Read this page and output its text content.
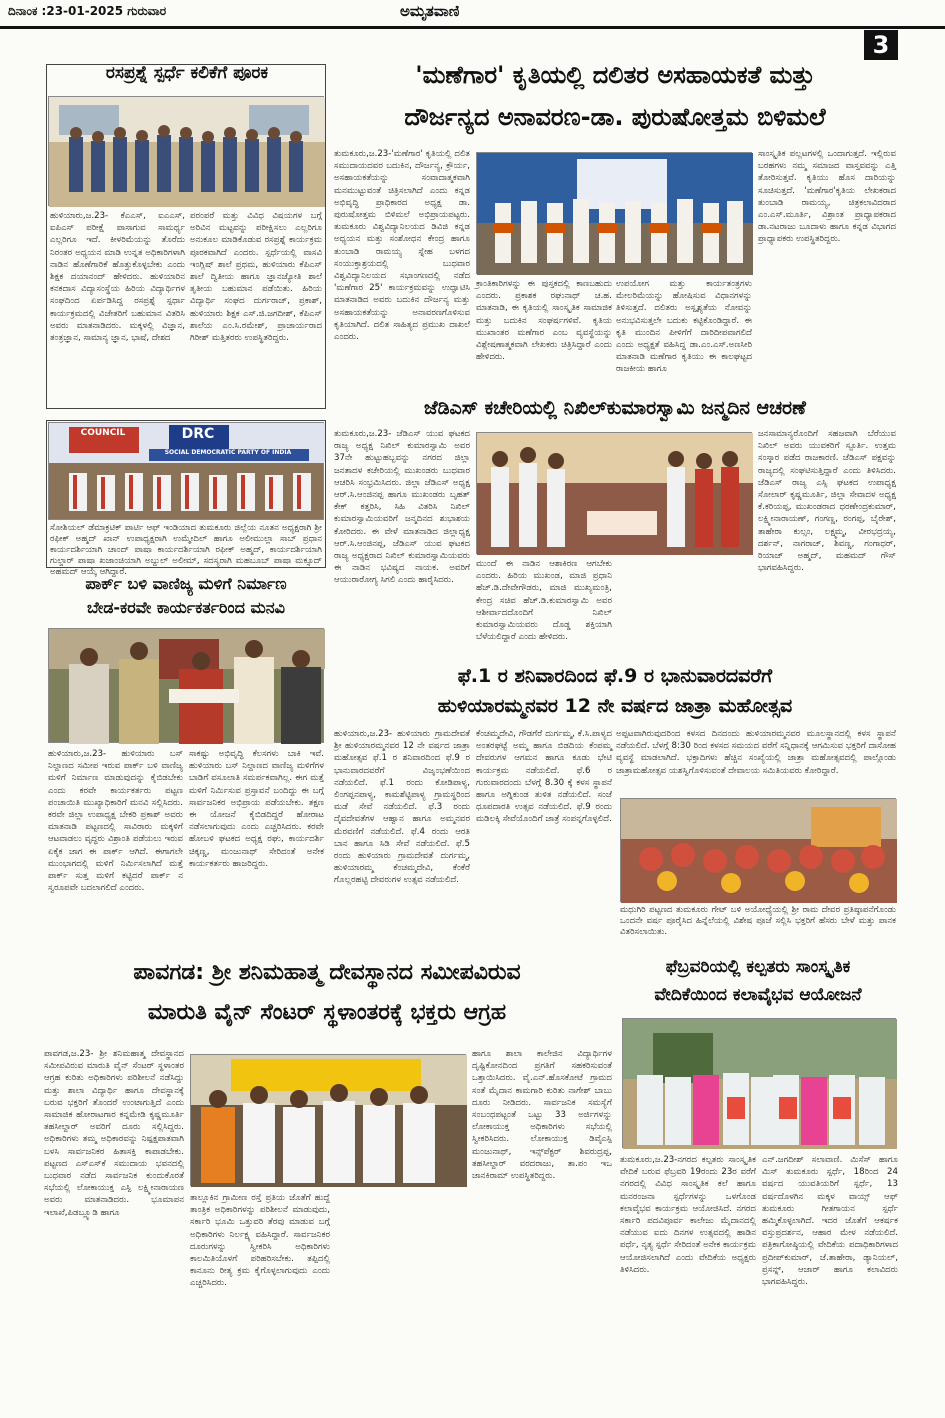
ದಿನಾಂಕ :23-01-2025 ಗುರುವಾರ	ಅಮೃತವಾಣಿ
3
ರಸಪ್ರಶ್ನೆ ಸ್ಪರ್ಧೆ ಕಲಿಕೆಗೆ ಪೂರಕ
ಹುಳಿಯಾರು,ಜ.23- ಕೆಎಎಸ್, ಐಎಎಸ್, ಐಪಿಎಸ್ ಪರೀಕ್ಷೆ ಪಾಸಾಗುವ ಸಾಮರ್ಥ್ಯ ಎಲ್ಲರಿಗೂ ಇದೆ. ಕೀಳರಿಮೆಯನ್ನು ತೊರೆದು ನಿರಂತರ ಅಧ್ಯಯನ ಮಾಡಿ ಉನ್ನತ ಅಧಿಕಾರಿಗಳಾಗಿ ನಾಡಿನ ಹೊಣೆಗಾರಿಕೆ ಹೊತ್ತುಕೊಳ್ಳಬೇಕು ಎಂದು ಶಿಕ್ಷಕ ದಯಾನಂದ್ ಹೇಳಿದರು. ಹುಳಿಯಾರಿನ ಕನಕದಾಸ ವಿದ್ಯಾಸಂಸ್ಥೆಯ ಹಿರಿಯ ವಿದ್ಯಾರ್ಥಿಗಳ ಸಂಘದಿಂದ ಏರ್ಪಡಿಸಿದ್ದ ರಸಪ್ರಶ್ನೆ ಸ್ಪರ್ಧಾ ಕಾರ್ಯಕ್ರಮದಲ್ಲಿ ವಿಜೇತರಿಗೆ ಬಹುಮಾನ ವಿತರಿಸಿ ಅವರು ಮಾತನಾಡಿದರು. ಮಕ್ಕಳಲ್ಲಿ ವಿಜ್ಞಾನ, ತಂತ್ರಜ್ಞಾನ, ಸಾಮಾನ್ಯ ಜ್ಞಾನ, ಭಾಷೆ, ದೇಶದ
ಪರಂಪರೆ ಮತ್ತು ವಿವಿಧ ವಿಷಯಗಳ ಬಗ್ಗೆ ಅರಿವಿನ ಮಟ್ಟವನ್ನು ಪರೀಕ್ಷಿಸಲು ಎಲ್ಲರಿಗೂ ಅನುಕೂಲ ಮಾಡಿಕೊಡುವ ರಸಪ್ರಶ್ನೆ ಕಾರ್ಯಕ್ರಮ ಪೂರಕವಾಗಿದೆ ಎಂದರು. ಸ್ಪರ್ಧೆಯಲ್ಲಿ ವಾಸವಿ ಇಂಗ್ಲಿಷ್ ಶಾಲೆ ಪ್ರಥಮ, ಹುಳಿಯಾರು ಕೆಪಿಎಸ್ ಶಾಲೆ ದ್ವಿತೀಯ ಹಾಗೂ ಜ್ಞಾನಜ್ಯೋತಿ ಶಾಲೆ ತೃತೀಯ ಬಹುಮಾನ ಪಡೆಯಿತು. ಹಿರಿಯ ವಿದ್ಯಾರ್ಥಿ ಸಂಘದ ದುರ್ಗರಾಜ್, ಪ್ರಕಾಶ್, ಹುಳಿಯಾರು ಶಿಕ್ಷಕ ಎಸ್.ಜಿ.ಜಗದೀಶ್, ಕೆಪಿಎಸ್ ಶಾಲೆಯ ಎಂ.ಸಿ.ರಮೇಶ್, ಪ್ರಾಚಾರ್ಯರಾದ ಗಿರೀಶ್ ಮತ್ತಿತರರು ಉಪಸ್ಥಿತರಿದ್ದರು.
COUNCIL	DRC
SOCIAL DEMOCRATIC PARTY OF INDIA
ಸೋಶಿಯಲ್ ಡೆಮಾಕ್ರಟಿಕ್ ಪಾರ್ಟಿ ಆಫ್ ಇಂಡಿಯಾದ ತುಮಕೂರು ಜಿಲ್ಲೆಯ ನೂತನ ಅಧ್ಯಕ್ಷರಾಗಿ ಶ್ರೀ ರಫೀಕ್ ಅಹ್ಮದ್ ಖಾನ್ ಉಪಾಧ್ಯಕ್ಷರಾಗಿ ಉಮ್ಮೇದಿಲ್ ಹಾಗೂ ಅಲೀಮುಲ್ಲಾ ಸಾಬ್ ಪ್ರಧಾನ ಕಾರ್ಯದರ್ಶಿಯಾಗಿ ಚಾಂದ್ ಪಾಷಾ ಕಾರ್ಯದರ್ಶಿಯಾಗಿ ರಫೀಕ್ ಅಹ್ಮದ್, ಕಾರ್ಯದರ್ಶಿಯಾಗಿ ಗುಲ್ಜಾರ್ ಪಾಷಾ ಖಜಾಂಚಿಯಾಗಿ ಅಬ್ದುಲ್ ಅಲೀಮ್, ಸದಸ್ಯರಾಗಿ ಮಹಬೂಬ್ ಪಾಷಾ ಮಕ್ಸೂದ್ ಅಹಮದ್ ಆಯ್ಕೆ ಆಗಿದ್ದಾರೆ.
ಪಾರ್ಕ್ ಬಳಿ ವಾಣಿಜ್ಯ ಮಳಿಗೆ ನಿರ್ಮಾಣ
ಬೇಡ-ಕರವೇ ಕಾರ್ಯಕರ್ತರಿಂದ ಮನವಿ
ಹುಳಿಯಾರು,ಜ.23- ಹುಳಿಯಾರು ಬಸ್ ನಿಲ್ದಾಣದ ಸಮೀಪ ಇರುವ ಪಾರ್ಕ್ ಬಳಿ ವಾಣಿಜ್ಯ ಮಳಿಗೆ ನಿರ್ಮಾಣ ಮಾಡುವುದನ್ನು ಕೈಬಿಡಬೇಕು ಎಂದು ಕರವೇ ಕಾರ್ಯಕರ್ತರು ಪಟ್ಟಣ ಪಂಚಾಯಿತಿ ಮುಖ್ಯಾಧಿಕಾರಿಗೆ ಮನವಿ ಸಲ್ಲಿಸಿದರು. ಕರವೇ ಜಿಲ್ಲಾ ಉಪಾಧ್ಯಕ್ಷ ಬೇಕರಿ ಪ್ರಕಾಶ್ ಅವರು ಮಾತನಾಡಿ ಪಟ್ಟಣದಲ್ಲಿ ಸಾವಿರಾರು ಮಕ್ಕಳಿಗೆ ಆಟವಾಡಲು ವೃದ್ಧರು ವಿಶ್ರಾಂತಿ ಪಡೆಯಲು ಇರುವ ಏಕೈಕ ಜಾಗ ಈ ಪಾರ್ಕ್ ಆಗಿದೆ. ಈಗಾಗಲೇ ಮುಂಭಾಗದಲ್ಲಿ ಮಳಿಗೆ ನಿರ್ಮಿಸಲಾಗಿದೆ ಮತ್ತೆ ಪಾರ್ಕ್ ಸುತ್ತ ಮಳಿಗೆ ಕಟ್ಟಿದರೆ ಪಾರ್ಕ್ ನ ಸ್ವರೂಪವೇ ಬದಲಾಗಲಿದೆ ಎಂದರು.
ಸಾಕಷ್ಟು ಅಭಿವೃದ್ಧಿ ಕೆಲಸಗಳು ಬಾಕಿ ಇವೆ. ಹುಳಿಯಾರು ಬಸ್ ನಿಲ್ದಾಣದ ವಾಣಿಜ್ಯ ಮಳಿಗೆಗಳ ಬಾಡಿಗೆ ವಸೂಲಾತಿ ಸಮರ್ಪಕವಾಗಿಲ್ಲ. ಈಗ ಮತ್ತೆ ಮಳಿಗೆ ನಿರ್ಮಿಸುವ ಪ್ರಸ್ತಾವನೆ ಬಂದಿದ್ದು ಈ ಬಗ್ಗೆ ಸಾರ್ವಜನಿಕರ ಅಭಿಪ್ರಾಯ ಪಡೆಯಬೇಕು. ತಕ್ಷಣ ಈ ಯೋಜನೆ ಕೈಬಿಡದಿದ್ದರೆ ಹೋರಾಟ ನಡೆಸಲಾಗುವುದು ಎಂದು ಎಚ್ಚರಿಸಿದರು. ಕರವೇ ಹೋಬಳಿ ಘಟಕದ ಅಧ್ಯಕ್ಷ ರಘು, ಕಾರ್ಯದರ್ಶಿ ಚಿಕ್ಕಣ್ಣ, ಮಂಜುನಾಥ್ ಸೇರಿದಂತೆ ಅನೇಕ ಕಾರ್ಯಕರ್ತರು ಹಾಜರಿದ್ದರು.
'ಮಣೆಗಾರ' ಕೃತಿಯಲ್ಲಿ ದಲಿತರ ಅಸಹಾಯಕತೆ ಮತ್ತು
ದೌರ್ಜನ್ಯದ ಅನಾವರಣ-ಡಾ. ಪುರುಷೋತ್ತಮ ಬಿಳಿಮಲೆ
ತುಮಕೂರು,ಜ.23-'ಮಣೆಗಾರ' ಕೃತಿಯಲ್ಲಿ ದಲಿತ ಸಮುದಾಯದವರ ಬದುಕಿನ, ದೌರ್ಜನ್ಯ, ಕ್ರೌರ್ಯ, ಅಸಹಾಯಕತೆಯನ್ನು ಸಂವಾದಾತ್ಮಕವಾಗಿ ಮನಮುಟ್ಟುವಂತೆ ಚಿತ್ರಿಸಲಾಗಿದೆ ಎಂದು ಕನ್ನಡ ಅಭಿವೃದ್ಧಿ ಪ್ರಾಧಿಕಾರದ ಅಧ್ಯಕ್ಷ ಡಾ. ಪುರುಷೋತ್ತಮ ಬಿಳಿಮಲೆ ಅಭಿಪ್ರಾಯಪಟ್ಟರು. ತುಮಕೂರು ವಿಶ್ವವಿದ್ಯಾನಿಲಯದ ಡಿವಿಜಿ ಕನ್ನಡ ಅಧ್ಯಯನ ಮತ್ತು ಸಂಶೋಧನ ಕೇಂದ್ರ ಹಾಗೂ ತುಂಬಾಡಿ ರಾಮಯ್ಯ ಸ್ನೇಹ ಬಳಗದ ಸಂಯುಕ್ತಾಶ್ರಯದಲ್ಲಿ ಬುಧವಾರ ವಿಶ್ವವಿದ್ಯಾನಿಲಯದ ಸಭಾಂಗಣದಲ್ಲಿ ನಡೆದ 'ಮಣೆಗಾರ 25' ಕಾರ್ಯಕ್ರಮವನ್ನು ಉದ್ಘಾಟಿಸಿ ಮಾತನಾಡಿದ ಅವರು ಬದುಕಿನ ದೌರ್ಜನ್ಯ ಮತ್ತು ಅಸಹಾಯಕತೆಯನ್ನು ಅನಾವರಣಗೊಳಿಸುವ ಕೃತಿಯಾಗಿದೆ. ದಲಿತ ಸಾಹಿತ್ಯದ ಪ್ರಮುಖ ದಾಖಲೆ ಎಂದರು.
ಕ್ರಾಂತಿಕಾರಿಗಳನ್ನು ಈ ಪುಸ್ತಕದಲ್ಲಿ ಕಾಣಬಹುದು ಎಂದರು. ಪ್ರಕಾಶಕ ರಘುನಾಥ್ ಚ.ಹ. ಮಾತನಾಡಿ, ಈ ಕೃತಿಯಲ್ಲಿ ಸಾಂಸ್ಕೃತಿಕ ಸಾಮಾಜಿಕ ಮತ್ತು ಬದುಕಿನ ಸಂಘರ್ಷಗಳಿವೆ. ಕೃತಿಯ ಮುಖಾಂತರ ಮಣೆಗಾರ ಎಂಬ ವ್ಯವಸ್ಥೆಯನ್ನು ವಿಶ್ಲೇಷಣಾತ್ಮಕವಾಗಿ ಲೇಖಕರು ಚಿತ್ರಿಸಿದ್ದಾರೆ ಎಂದು ಹೇಳಿದರು.
ಉಪಯೋಗ ಮತ್ತು ಕಾರ್ಯತಂತ್ರಗಳು ಮೇಲರಿಮೆಯನ್ನು ಹೋಷಿಸುವ ವಿಧಾನಗಳನ್ನು ತಿಳಿಸುತ್ತದೆ. ದಲಿತರು ಅಸ್ಪೃಶ್ಯತೆಯ ನೋವನ್ನು ಅನುಭವಿಸುತ್ತಲೇ ಬದುಕು ಕಟ್ಟಿಕೊಂಡಿದ್ದಾರೆ. ಈ ಕೃತಿ ಮುಂದಿನ ಪೀಳಿಗೆಗೆ ದಾರಿದೀಪವಾಗಲಿದೆ ಎಂದು ಅಧ್ಯಕ್ಷತೆ ವಹಿಸಿದ್ದ ಡಾ.ಎಂ.ಎಸ್.ಅಣಸೀರಿ ಮಾತನಾಡಿ ಮಣೆಗಾರ ಕೃತಿಯು ಈ ಕಾಲಘಟ್ಟದ ರಾಜಕೀಯ ಹಾಗೂ
ಸಾಂಸ್ಕೃತಿಕ ಪಲ್ಲಟಗಳಲ್ಲಿ ಒಂದಾಗುತ್ತದೆ. ಇಲ್ಲಿರುವ ಬರಹಗಳು ನಮ್ಮ ಸಮಾಜದ ವಾಸ್ತವವನ್ನು ಎತ್ತಿ ತೋರಿಸುತ್ತವೆ. ಕೃತಿಯು ಹೊಸ ದಾರಿಯನ್ನು ಸೂಚಿಸುತ್ತದೆ. 'ಮಣೆಗಾರ'ಕೃತಿಯ ಲೇಖಕರಾದ ತುಂಬಾಡಿ ರಾಮಯ್ಯ, ಚಿತ್ರಕಲಾವಿದರಾದ ಎಂ.ಎಸ್.ಮೂರ್ತಿ, ವಿಶ್ರಾಂತ ಪ್ರಾಧ್ಯಾಪಕರಾದ ಡಾ.ನಟರಾಜು ಬೂದಾಳು ಹಾಗೂ ಕನ್ನಡ ವಿಭಾಗದ ಪ್ರಾಧ್ಯಾಪಕರು ಉಪಸ್ಥಿತರಿದ್ದರು.
ಜೆಡಿಎಸ್ ಕಚೇರಿಯಲ್ಲಿ ನಿಖಿಲ್‌ಕುಮಾರಸ್ವಾಮಿ ಜನ್ಮದಿನ ಆಚರಣೆ
ತುಮಕೂರು,ಜ.23- ಜೆಡಿಎಸ್ ಯುವ ಘಟಕದ ರಾಜ್ಯ ಅಧ್ಯಕ್ಷ ನಿಖಿಲ್ ಕುಮಾರಸ್ವಾಮಿ ಅವರ 37ನೇ ಹುಟ್ಟುಹಬ್ಬವನ್ನು ನಗರದ ಜಿಲ್ಲಾ ಜನತಾದಳ ಕಚೇರಿಯಲ್ಲಿ ಮುಖಂಡರು ಬುಧವಾರ ಆಚರಿಸಿ ಸಂಭ್ರಮಿಸಿದರು. ಜಿಲ್ಲಾ ಜೆಡಿಎಸ್ ಅಧ್ಯಕ್ಷ ಆರ್.ಸಿ.ಆಂಜಿನಪ್ಪ ಹಾಗೂ ಮುಖಂಡರು ಬೃಹತ್ ಕೇಕ್ ಕತ್ತರಿಸಿ, ಸಿಹಿ ವಿತರಿಸಿ ನಿಖಿಲ್ ಕುಮಾರಸ್ವಾಮಿಯವರಿಗೆ ಜನ್ಮದಿನದ ಶುಭಾಶಯ ಕೋರಿದರು. ಈ ವೇಳೆ ಮಾತನಾಡಿದ ಜಿಲ್ಲಾಧ್ಯಕ್ಷ ಆರ್.ಸಿ.ಆಂಜಿನಪ್ಪ, ಜೆಡಿಎಸ್ ಯುವ ಘಟಕದ ರಾಜ್ಯ ಅಧ್ಯಕ್ಷರಾದ ನಿಖಿಲ್ ಕುಮಾರಸ್ವಾಮಿಯವರು ಈ ನಾಡಿನ ಭವಿಷ್ಯದ ನಾಯಕ. ಅವರಿಗೆ ಆಯುರಾರೋಗ್ಯ ಸಿಗಲಿ ಎಂದು ಹಾರೈಸಿದರು.
ಮುಂದೆ ಈ ನಾಡಿನ ಆಶಾಕಿರಣ ಆಗಬೇಕು ಎಂದರು. ಹಿರಿಯ ಮುಖಂಡ, ಮಾಜಿ ಪ್ರಧಾನಿ ಹೆಚ್.ಡಿ.ದೇವೇಗೌಡರು, ಮಾಜಿ ಮುಖ್ಯಮಂತ್ರಿ, ಕೇಂದ್ರ ಸಚಿವ ಹೆಚ್.ಡಿ.ಕುಮಾರಸ್ವಾಮಿ ಅವರ ಆಶೀರ್ವಾದದೊಂದಿಗೆ ನಿಖಿಲ್ ಕುಮಾರಸ್ವಾಮಿಯವರು ದೊಡ್ಡ ಶಕ್ತಿಯಾಗಿ ಬೆಳೆಯಲಿದ್ದಾರೆ ಎಂದು ಹೇಳಿದರು.
ಜನಸಾಮಾನ್ಯರೊಂದಿಗೆ ಸಹಜವಾಗಿ ಬೆರೆಯುವ ನಿಖಿಲ್ ಅವರು ಯುವಕರಿಗೆ ಸ್ಪೂರ್ತಿ. ಉತ್ತಮ ಸಂಸ್ಕಾರ ಪಡೆದ ರಾಜಕಾರಣಿ. ಜೆಡಿಎಸ್ ಪಕ್ಷವನ್ನು ರಾಜ್ಯದಲ್ಲಿ ಸಂಘಟಿಸುತ್ತಿದ್ದಾರೆ ಎಂದು ತಿಳಿಸಿದರು. ಜೆಡಿಎಸ್ ರಾಜ್ಯ ಎಸ್ಸಿ ಘಟಕದ ಉಪಾಧ್ಯಕ್ಷ ಸೋಲಾರ್ ಕೃಷ್ಣಮೂರ್ತಿ, ಜಿಲ್ಲಾ ಸೇವಾದಳ ಅಧ್ಯಕ್ಷ ಕೆ.ಕರಿಯಪ್ಪ, ಮುಖಂಡರಾದ ಧರಣೇಂದ್ರಕುಮಾರ್, ಲಕ್ಷ್ಮೀನಾರಾಯಣ್, ಗಂಗಣ್ಣ, ರಂಗಪ್ಪ, ಬೈರೇಶ್, ತಾಹೇರಾ ಕುಲ್ಸಂ, ಲಕ್ಷ್ಮಮ್ಮ, ವೀರಭದ್ರಯ್ಯ, ದರ್ಶನ್, ನಾಗರಾಜ್, ಶಿವಣ್ಣ, ಗಂಗಾಧರ್, ರಿಯಾಜ್ ಅಹ್ಮದ್, ಮಹಮದ್ ಗೌಸ್ ಭಾಗವಹಿಸಿದ್ದರು.
ಫೆ.1 ರ ಶನಿವಾರದಿಂದ ಫೆ.9 ರ ಭಾನುವಾರದವರೆಗೆ
ಹುಳಿಯಾರಮ್ಮನವರ 12 ನೇ ವರ್ಷದ ಜಾತ್ರಾ ಮಹೋತ್ಸವ
ಹುಳಿಯಾರು,ಜ.23- ಹುಳಿಯಾರು ಗ್ರಾಮದೇವತೆ ಶ್ರೀ ಹುಳಿಯಾರಮ್ಮನವರ 12 ನೇ ವರ್ಷದ ಜಾತ್ರಾ ಮಹೋತ್ಸವ ಫೆ.1 ರ ಶನಿವಾರದಿಂದ ಫೆ.9 ರ ಭಾನುವಾರದವರೆಗೆ ವಿಜೃಂಭಣೆಯಿಂದ ನಡೆಯಲಿದೆ. ಫೆ.1 ರಂದು ಕೋಡಿಪಾಳ್ಯ, ಲಿಂಗಪ್ಪನಪಾಳ್ಯ, ಕಾಮಶೆಟ್ಟಿಪಾಳ್ಯ ಗ್ರಾಮಸ್ಥರಿಂದ ಮಡೆ ಸೇವೆ ನಡೆಯಲಿದೆ. ಫೆ.3 ರಂದು ದೈವದೇವತೆಗಳ ಆಹ್ವಾನ ಹಾಗೂ ಅಮ್ಮನವರ ಮೆರವಣಿಗೆ ನಡೆಯಲಿದೆ. ಫೆ.4 ರಂದು ಆರತಿ ಬಾನ ಹಾಗೂ ಸಿಡಿ ಸೇವೆ ನಡೆಯಲಿದೆ. ಫೆ.5 ರಂದು ಹುಳಿಯಾರು ಗ್ರಾಮದೇವತೆ ದುರ್ಗಮ್ಮ, ಹುಳಿಯಾರಮ್ಮ ಕೆಂಚಮ್ಮದೇವಿ, ಕೆಂಕೆರೆ ಗೊಲ್ಲರಹಟ್ಟಿ ದೇವರುಗಳ ಉತ್ಸವ ನಡೆಯಲಿದೆ.
ಕೆಂಚಮ್ಮದೇವಿ, ಗೌಡಗೆರೆ ದುರ್ಗಮ್ಮ, ಕೆ.ಸಿ.ಪಾಳ್ಯದ ಅಂತರಘಟ್ಟೆ ಅಮ್ಮ ಹಾಗೂ ಬಿಡದಿಯ ಕೆಂಪಮ್ಮ ದೇವರುಗಳ ಆಗಮನ ಹಾಗೂ ಕೂಡು ಭೇಟಿ ಕಾರ್ಯಕ್ರಮ ನಡೆಯಲಿದೆ. ಫೆ.6 ರ ಗುರುವಾರದಂದು ಬೆಳಗ್ಗೆ 8.30 ಕ್ಕೆ ಕಳಸ ಸ್ಥಾಪನೆ ಹಾಗೂ ಅಗ್ನಿಕುಂಡ ತುಳಿತ ನಡೆಯಲಿದೆ. ಸಂಜೆ ಧೂಪದಾರತಿ ಉತ್ಸವ ನಡೆಯಲಿದೆ. ಫೆ.9 ರಂದು ಮಡಿಲಕ್ಕಿ ಸೇವೆಯೊಂದಿಗೆ ಜಾತ್ರೆ ಸಂಪನ್ನಗೊಳ್ಳಲಿದೆ.
ಅಪ್ಪಟವಾಗಿರುವುದರಿಂದ ಕಳಸದ ದಿನದಂದು ಹುಳಿಯಾರಮ್ಮನವರ ಮೂಲಸ್ಥಾನದಲ್ಲಿ ಕಳಸ ಸ್ಥಾಪನೆ ನಡೆಯಲಿದೆ. ಬೆಳಗ್ಗೆ 8:30 ರಿಂದ ಕಳಸದ ಸಮಯದ ವರೆಗೆ ಸನ್ನಿಧಾನಕ್ಕೆ ಆಗಮಿಸುವ ಭಕ್ತರಿಗೆ ದಾಸೋಹ ವ್ಯವಸ್ಥೆ ಮಾಡಲಾಗಿದೆ. ಭಕ್ತಾದಿಗಳು ಹೆಚ್ಚಿನ ಸಂಖ್ಯೆಯಲ್ಲಿ ಜಾತ್ರಾ ಮಹೋತ್ಸವದಲ್ಲಿ ಪಾಲ್ಗೊಂಡು ಜಾತ್ರಾಮಹೋತ್ಸವ ಯಶಸ್ವಿಗೊಳಿಸುವಂತೆ ದೇವಾಲಯ ಸಮಿತಿಯವರು ಕೋರಿದ್ದಾರೆ.
ಮಧುಗಿರಿ ಪಟ್ಟಣದ ತುಮಕೂರು ಗೇಟ್ ಬಳಿ ಅಯೋಧ್ಯೆಯಲ್ಲಿ ಶ್ರೀ ರಾಮ ದೇವರ ಪ್ರತಿಷ್ಠಾಪನೆಗೊಂಡು ಒಂದನೇ ವರ್ಷ ಪೂರೈಸಿದ ಹಿನ್ನೆಲೆಯಲ್ಲಿ ವಿಶೇಷ ಪೂಜೆ ಸಲ್ಲಿಸಿ ಭಕ್ತರಿಗೆ ಹೆಸರು ಬೇಳೆ ಮತ್ತು ಪಾನಕ ವಿತರಿಸಲಾಯಿತು.
ಪಾವಗಡ: ಶ್ರೀ ಶನಿಮಹಾತ್ಮ ದೇವಸ್ಥಾನದ ಸಮೀಪವಿರುವ
ಮಾರುತಿ ವೈನ್ ಸೆಂಟರ್ ಸ್ಥಳಾಂತರಕ್ಕೆ ಭಕ್ತರು ಆಗ್ರಹ
ಪಾವಗಡ,ಜ.23- ಶ್ರೀ ಶನಿಮಹಾತ್ಮ ದೇವಸ್ಥಾನದ ಸಮೀಪವಿರುವ ಮಾರುತಿ ವೈನ್ ಸೆಂಟರ್ ಸ್ಥಳಾಂತರ ಆಗ್ರಹ ಕುರಿತು ಅಧಿಕಾರಿಗಳು ಪರಿಶೀಲನೆ ನಡೆಸಿದ್ದು ಮತ್ತು ಶಾಲಾ ವಿದ್ಯಾರ್ಥಿ ಹಾಗೂ ದೇವಸ್ಥಾನಕ್ಕೆ ಬರುವ ಭಕ್ತರಿಗೆ ತೊಂದರೆ ಉಂಟಾಗುತ್ತಿದೆ ಎಂದು ಸಾಮಾಜಿಕ ಹೋರಾಟಗಾರ ಕನ್ನಮೇಡಿ ಕೃಷ್ಣಮೂರ್ತಿ ತಹಸೀಲ್ದಾರ್ ಅವರಿಗೆ ದೂರು ಸಲ್ಲಿಸಿದ್ದರು. ಅಧಿಕಾರಿಗಳು ತಮ್ಮ ಅಧಿಕಾರವನ್ನು ನಿಷ್ಪಕ್ಷಪಾತವಾಗಿ ಬಳಸಿ ಸಾರ್ವಜನಿಕರ ಹಿತಾಸಕ್ತಿ ಕಾಪಾಡಬೇಕು. ಪಟ್ಟಣದ ಎಸ್‌ಎಸ್‌ಕೆ ಸಮುದಾಯ ಭವನದಲ್ಲಿ ಬುಧವಾರ ನಡೆದ ಸಾರ್ವಜನಿಕ ಕುಂದುಕೊರತೆ ಸಭೆಯಲ್ಲಿ ಲೋಕಾಯುಕ್ತ ಎಸ್ಪಿ ಲಕ್ಷ್ಮೀನಾರಾಯಣ ಅವರು ಮಾತನಾಡಿದರು. ಭೂಮಾಪನ ಇಲಾಖೆ,ಪಿಡಬ್ಲ್ಯೂಡಿ ಹಾಗೂ
ತಾಲ್ಲೂಕಿನ ಗ್ರಾಮೀಣ ರಸ್ತೆ ಪ್ರತಿಯ ಜೊತೆಗೆ ಹುದ್ದೆ ತಾಂತ್ರಿಕ ಅಧಿಕಾರಿಗಳನ್ನು ಪರಿಶೀಲನೆ ಮಾಡುವುದು, ಸರ್ಕಾರಿ ಭೂಮಿ ಒತ್ತುವರಿ ತೆರವು ಮಾಡುವ ಬಗ್ಗೆ ಅಧಿಕಾರಿಗಳು ನಿರ್ಲಕ್ಷ್ಯ ವಹಿಸಿದ್ದಾರೆ. ಸಾರ್ವಜನಿಕರ ದೂರುಗಳನ್ನು ಸ್ವೀಕರಿಸಿ ಅಧಿಕಾರಿಗಳು ಕಾಲಮಿತಿಯೊಳಗೆ ಪರಿಹರಿಸಬೇಕು. ತಪ್ಪಿದಲ್ಲಿ ಕಾನೂನು ರೀತ್ಯ ಕ್ರಮ ಕೈಗೊಳ್ಳಲಾಗುವುದು ಎಂದು ಎಚ್ಚರಿಸಿದರು.
ಹಾಗೂ ಶಾಲಾ ಕಾಲೇಜಿನ ವಿದ್ಯಾರ್ಥಿಗಳ ದೃಷ್ಟಿಕೋನದಿಂದ ಪ್ರಗತಿಗೆ ಸಹಕರಿಸುವಂತೆ ಒತ್ತಾಯಿಸಿದರು. ವೈ.ಎನ್.ಹೊಸಕೋಟೆ ಗ್ರಾಮದ ಸಂತೆ ಮೈದಾನ ಕಾಮಗಾರಿ ಕುರಿತು ನಾಗೇಶ್ ಬಾಬು ದೂರು ನೀಡಿದರು. ಸಾರ್ವಜನಿಕ ಸಮಸ್ಯೆಗೆ ಸಂಬಂಧಪಟ್ಟಂತೆ ಒಟ್ಟು 33 ಅರ್ಜಿಗಳನ್ನು ಲೋಕಾಯುಕ್ತ ಅಧಿಕಾರಿಗಳು ಸಭೆಯಲ್ಲಿ ಸ್ವೀಕರಿಸಿದರು. ಲೋಕಾಯುಕ್ತ ಡಿವೈಎಸ್ಪಿ ಮಂಜುನಾಥ್, ಇನ್ಸ್‌ಪೆಕ್ಟರ್ ಶಿವರುದ್ರಪ್ಪ, ತಹಸೀಲ್ದಾರ್ ವರದರಾಜು, ತಾ.ಪಂ ಇಒ ಜಾನಕಿರಾಮ್ ಉಪಸ್ಥಿತರಿದ್ದರು.
ಫೆಬ್ರವರಿಯಲ್ಲಿ ಕಲ್ಪತರು ಸಾಂಸ್ಕೃತಿಕ
ವೇದಿಕೆಯಿಂದ ಕಲಾವೈಭವ ಆಯೋಜನೆ
ತುಮಕೂರು,ಜ.23-ನಗರದ ಕಲ್ಪತರು ಸಾಂಸ್ಕೃತಿಕ ವೇದಿಕೆ ಬರುವ ಫೆಬ್ರವರಿ 19ರಂದು 23ರ ವರೆಗೆ ನಗರದಲ್ಲಿ ವಿವಿಧ ಸಾಂಸ್ಕೃತಿಕ ಕಲೆ ಹಾಗೂ ಮನರಂಜನಾ ಸ್ಪರ್ಧೆಗಳನ್ನು ಒಳಗೊಂಡ ಕಲಾವೈಭವ ಕಾರ್ಯಕ್ರಮ ಆಯೋಜಿಸಿದೆ. ನಗರದ ಸರ್ಕಾರಿ ಪದವಿಪೂರ್ವ ಕಾಲೇಜು ಮೈದಾನದಲ್ಲಿ ನಡೆಯುವ ಐದು ದಿನಗಳ ಉತ್ಸವದಲ್ಲಿ ಹಾಡಿನ ಪರ್ಧೆ, ನೃತ್ಯ ಸ್ಪರ್ಧೆ ಸೇರಿದಂತೆ ಅನೇಕ ಕಾರ್ಯಕ್ರಮ ಆಯೋಜಿಸಲಾಗಿದೆ ಎಂದು ವೇದಿಕೆಯ ಅಧ್ಯಕ್ಷರು ತಿಳಿಸಿದರು.
ಎನ್.ಜಗದೀಶ್ ಸಲಾವಾಣಿ. ಮಿಸೆಸ್ ಹಾಗೂ ಮಿಸ್ ತುಮಕೂರು ಸ್ಪರ್ಧೆ, 18ರಿಂದ 24 ವರ್ಷದ ಯುವತಿಯರಿಗೆ ಸ್ಪರ್ಧೆ, 13 ವರ್ಷದೊಳಗಿನ ಮಕ್ಕಳ ವಾಯ್ಸ್ ಆಫ್ ತುಮಕೂರು ಗೀತಗಾಯನ ಸ್ಪರ್ಧೆ ಹಮ್ಮಿಕೊಳ್ಳಲಾಗಿದೆ. ಇದರ ಜೊತೆಗೆ ಆಕರ್ಷಕ ವಸ್ತುಪ್ರದರ್ಶನ, ಆಹಾರ ಮೇಳ ನಡೆಯಲಿದೆ. ಪತ್ರಿಕಾಗೋಷ್ಠಿಯಲ್ಲಿ ವೇದಿಕೆಯ ಪದಾಧಿಕಾರಿಗಳಾದ ಪ್ರದೀಪ್‌ಕುಮಾರ್, ಜೆ.ತಾಹೇರಾ, ಡ್ಯಾನಿಯಲ್, ಪ್ರಸನ್ನ್, ಆಜಾರ್ ಹಾಗೂ ಕಲಾವಿದರು ಭಾಗವಹಿಸಿದ್ದರು.
